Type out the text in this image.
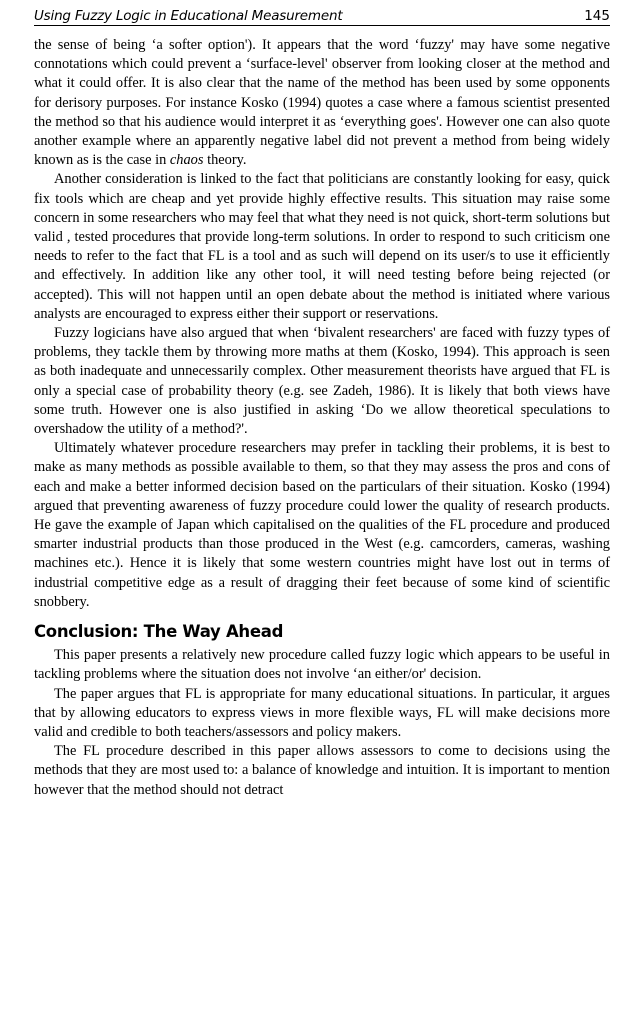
Using Fuzzy Logic in Educational Measurement	145

the sense of being ‘a softer option'). It appears that the word ‘fuzzy' may have some negative connotations which could prevent a ‘surface-level' observer from looking closer at the method and what it could offer. It is also clear that the name of the method has been used by some opponents for derisory purposes. For instance Kosko (1994) quotes a case where a famous scientist presented the method so that his audience would interpret it as ‘everything goes'. However one can also quote another example where an apparently negative label did not prevent a method from being widely known as is the case in chaos theory.

Another consideration is linked to the fact that politicians are constantly looking for easy, quick fix tools which are cheap and yet provide highly effective results. This situation may raise some concern in some researchers who may feel that what they need is not quick, short-term solutions but valid , tested procedures that provide long-term solutions. In order to respond to such criticism one needs to refer to the fact that FL is a tool and as such will depend on its user/s to use it efficiently and effectively. In addition like any other tool, it will need testing before being rejected (or accepted). This will not happen until an open debate about the method is initiated where various analysts are encouraged to express either their support or reservations.

Fuzzy logicians have also argued that when ‘bivalent researchers' are faced with fuzzy types of problems, they tackle them by throwing more maths at them (Kosko, 1994). This approach is seen as both inadequate and unnecessarily complex. Other measurement theorists have argued that FL is only a special case of probability theory (e.g. see Zadeh, 1986). It is likely that both views have some truth. However one is also justified in asking ‘Do we allow theoretical speculations to overshadow the utility of a method?'.

Ultimately whatever procedure researchers may prefer in tackling their problems, it is best to make as many methods as possible available to them, so that they may assess the pros and cons of each and make a better informed decision based on the particulars of their situation. Kosko (1994) argued that preventing awareness of fuzzy procedure could lower the quality of research products. He gave the example of Japan which capitalised on the qualities of the FL procedure and produced smarter industrial products than those produced in the West (e.g. camcorders, cameras, washing machines etc.). Hence it is likely that some western countries might have lost out in terms of industrial competitive edge as a result of dragging their feet because of some kind of scientific snobbery.

Conclusion: The Way Ahead

This paper presents a relatively new procedure called fuzzy logic which appears to be useful in tackling problems where the situation does not involve ‘an either/or' decision.

The paper argues that FL is appropriate for many educational situations. In particular, it argues that by allowing educators to express views in more flexible ways, FL will make decisions more valid and credible to both teachers/assessors and policy makers.

The FL procedure described in this paper allows assessors to come to decisions using the methods that they are most used to: a balance of knowledge and intuition. It is important to mention however that the method should not detract
